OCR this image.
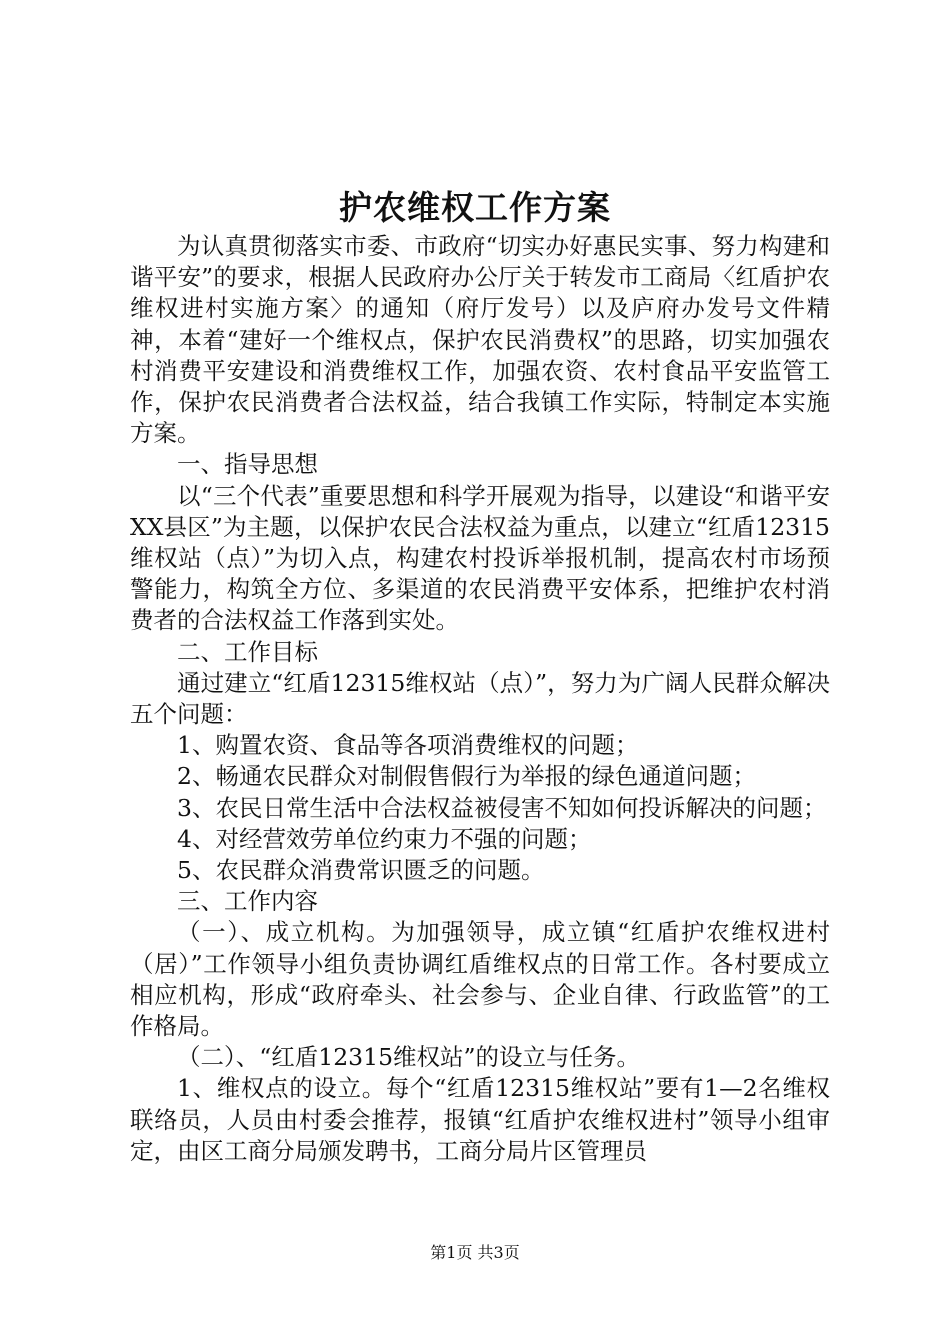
护农维权工作方案

为认真贯彻落实市委、市政府“切实办好惠民实事、努力构建和谐平安”的要求，根据人民政府办公厅关于转发市工商局〈红盾护农维权进村实施方案〉的通知（府厅发号）以及庐府办发号文件精神，本着“建好一个维权点，保护农民消费权”的思路，切实加强农村消费平安建设和消费维权工作，加强农资、农村食品平安监管工作，保护农民消费者合法权益，结合我镇工作实际，特制定本实施方案。

一、指导思想

以“三个代表”重要思想和科学开展观为指导，以建设“和谐平安XX县区”为主题，以保护农民合法权益为重点，以建立“红盾12315维权站（点）”为切入点，构建农村投诉举报机制，提高农村市场预警能力，构筑全方位、多渠道的农民消费平安体系，把维护农村消费者的合法权益工作落到实处。

二、工作目标

通过建立“红盾12315维权站（点）”，努力为广阔人民群众解决五个问题：

1、购置农资、食品等各项消费维权的问题；

2、畅通农民群众对制假售假行为举报的绿色通道问题；

3、农民日常生活中合法权益被侵害不知如何投诉解决的问题；

4、对经营效劳单位约束力不强的问题；

5、农民群众消费常识匮乏的问题。

三、工作内容

（一）、成立机构。为加强领导，成立镇“红盾护农维权进村（居）”工作领导小组负责协调红盾维权点的日常工作。各村要成立相应机构，形成“政府牵头、社会参与、企业自律、行政监管”的工作格局。

（二）、“红盾12315维权站”的设立与任务。

1、维权点的设立。每个“红盾12315维权站”要有1—2名维权联络员，人员由村委会推荐，报镇“红盾护农维权进村”领导小组审定，由区工商分局颁发聘书，工商分局片区管理员

第1页 共3页
